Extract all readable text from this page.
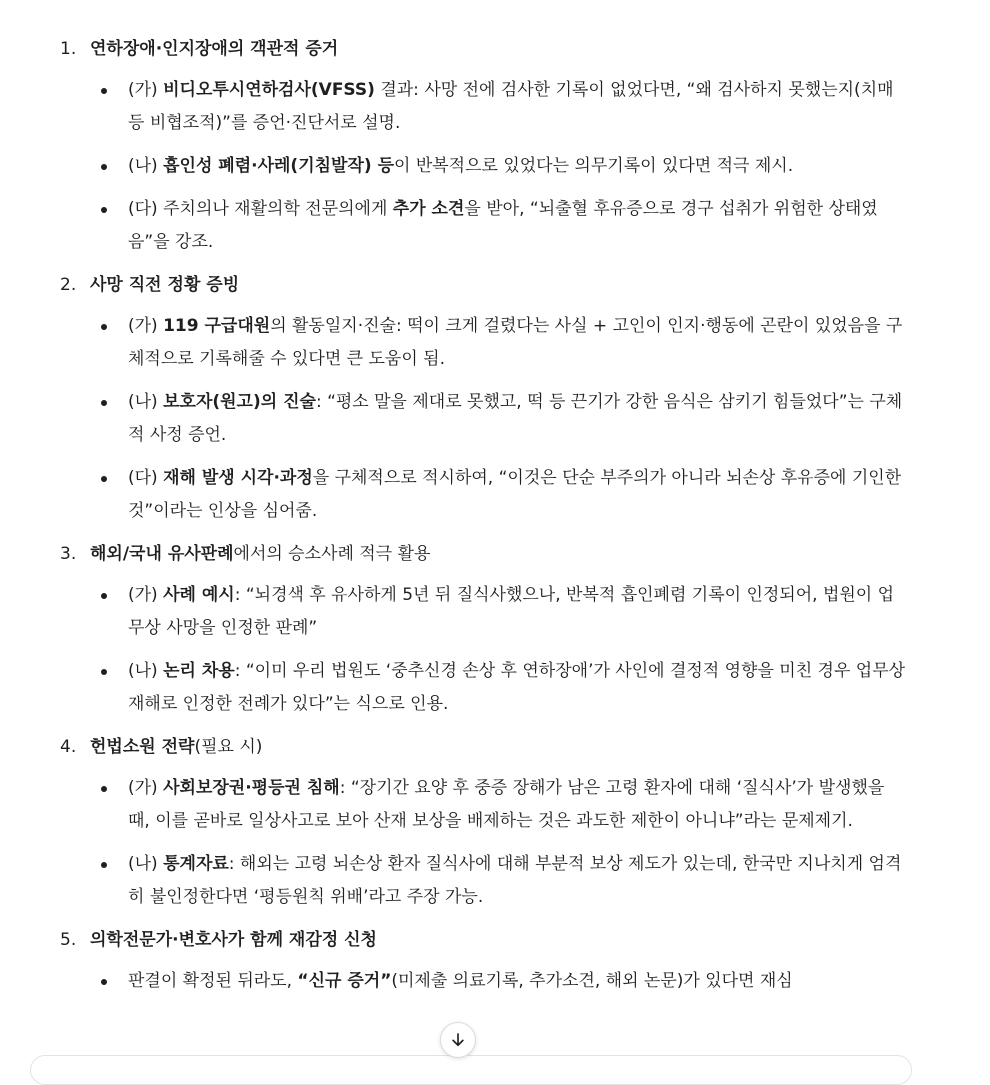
1. 연하장애·인지장애의 객관적 증거
(가) 비디오투시연하검사(VFSS) 결과: 사망 전에 검사한 기록이 없었다면, “왜 검사하지 못했는지(치매 등 비협조적)”를 증언·진단서로 설명.
(나) 흡인성 폐렴·사레(기침발작) 등이 반복적으로 있었다는 의무기록이 있다면 적극 제시.
(다) 주치의나 재활의학 전문의에게 추가 소견을 받아, “뇌출혈 후유증으로 경구 섭취가 위험한 상태였음”을 강조.
2. 사망 직전 정황 증빙
(가) 119 구급대원의 활동일지·진술: 떡이 크게 걸렸다는 사실 + 고인이 인지·행동에 곤란이 있었음을 구체적으로 기록해줄 수 있다면 큰 도움이 됨.
(나) 보호자(원고)의 진술: “평소 말을 제대로 못했고, 떡 등 끈기가 강한 음식은 삼키기 힘들었다”는 구체적 사정 증언.
(다) 재해 발생 시각·과정을 구체적으로 적시하여, “이것은 단순 부주의가 아니라 뇌손상 후유증에 기인한 것”이라는 인상을 심어줌.
3. 해외/국내 유사판례에서의 승소사례 적극 활용
(가) 사례 예시: “뇌경색 후 유사하게 5년 뒤 질식사했으나, 반복적 흡인폐렴 기록이 인정되어, 법원이 업무상 사망을 인정한 판례”
(나) 논리 차용: “이미 우리 법원도 ‘중추신경 손상 후 연하장애’가 사인에 결정적 영향을 미친 경우 업무상 재해로 인정한 전례가 있다”는 식으로 인용.
4. 헌법소원 전략(필요 시)
(가) 사회보장권·평등권 침해: “장기간 요양 후 중증 장해가 남은 고령 환자에 대해 ‘질식사’가 발생했을 때, 이를 곧바로 일상사고로 보아 산재 보상을 배제하는 것은 과도한 제한이 아니냐”라는 문제제기.
(나) 통계자료: 해외는 고령 뇌손상 환자 질식사에 대해 부분적 보상 제도가 있는데, 한국만 지나치게 엄격히 불인정한다면 ‘평등원칙 위배’라고 주장 가능.
5. 의학전문가·변호사가 함께 재감정 신청
판결이 확정된 뒤라도, “신규 증거”(미제출 의료기록, 추가소견, 해외 논문)가 있다면 재심
